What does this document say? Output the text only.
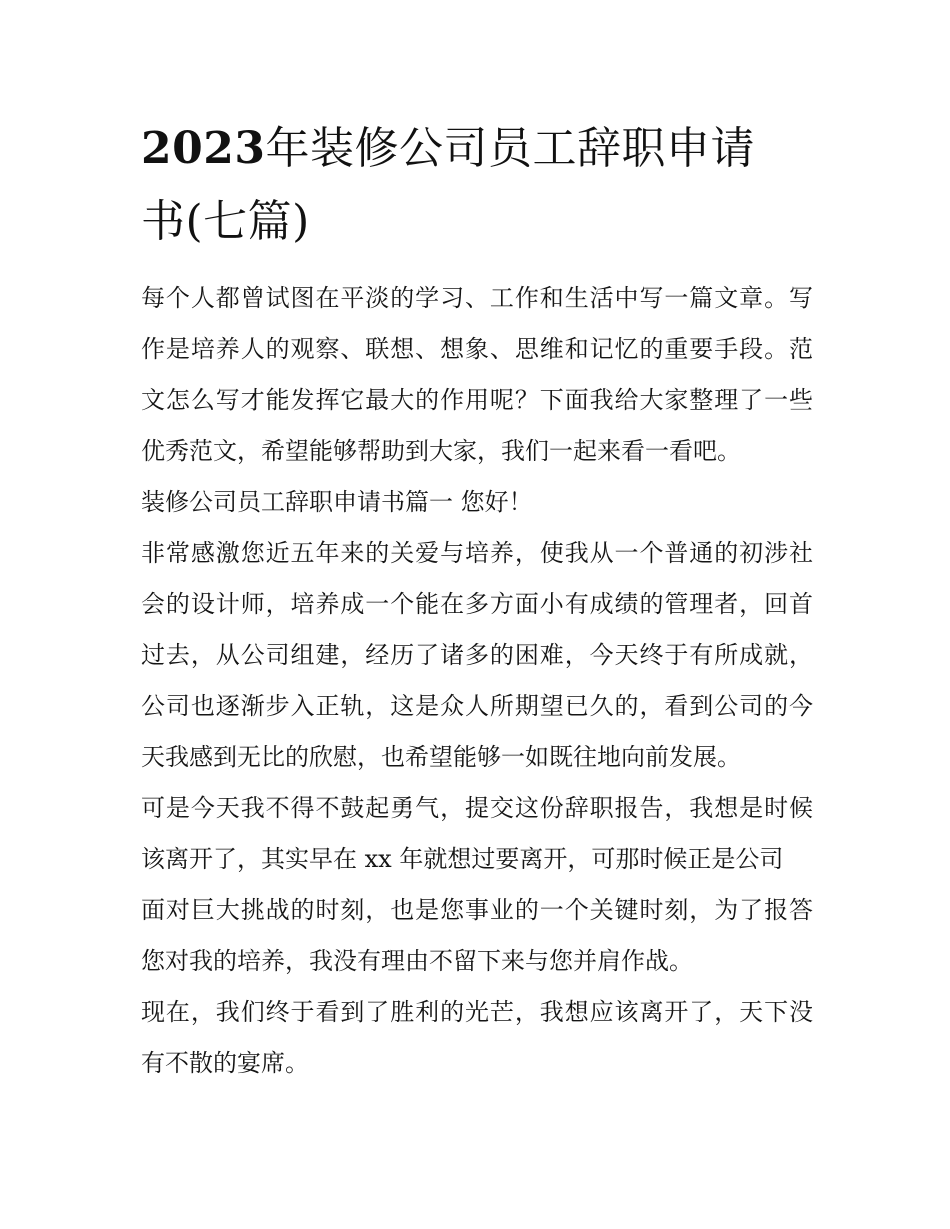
2023年装修公司员工辞职申请
书(七篇)

每个人都曾试图在平淡的学习、工作和生活中写一篇文章。写
作是培养人的观察、联想、想象、思维和记忆的重要手段。范
文怎么写才能发挥它最大的作用呢？下面我给大家整理了一些
优秀范文，希望能够帮助到大家，我们一起来看一看吧。

装修公司员工辞职申请书篇一 您好！

非常感激您近五年来的关爱与培养，使我从一个普通的初涉社
会的设计师，培养成一个能在多方面小有成绩的管理者，回首
过去，从公司组建，经历了诸多的困难，今天终于有所成就，
公司也逐渐步入正轨，这是众人所期望已久的，看到公司的今
天我感到无比的欣慰，也希望能够一如既往地向前发展。

可是今天我不得不鼓起勇气，提交这份辞职报告，我想是时候
该离开了，其实早在 xx 年就想过要离开，可那时候正是公司
面对巨大挑战的时刻，也是您事业的一个关键时刻，为了报答
您对我的培养，我没有理由不留下来与您并肩作战。

现在，我们终于看到了胜利的光芒，我想应该离开了，天下没
有不散的宴席。
